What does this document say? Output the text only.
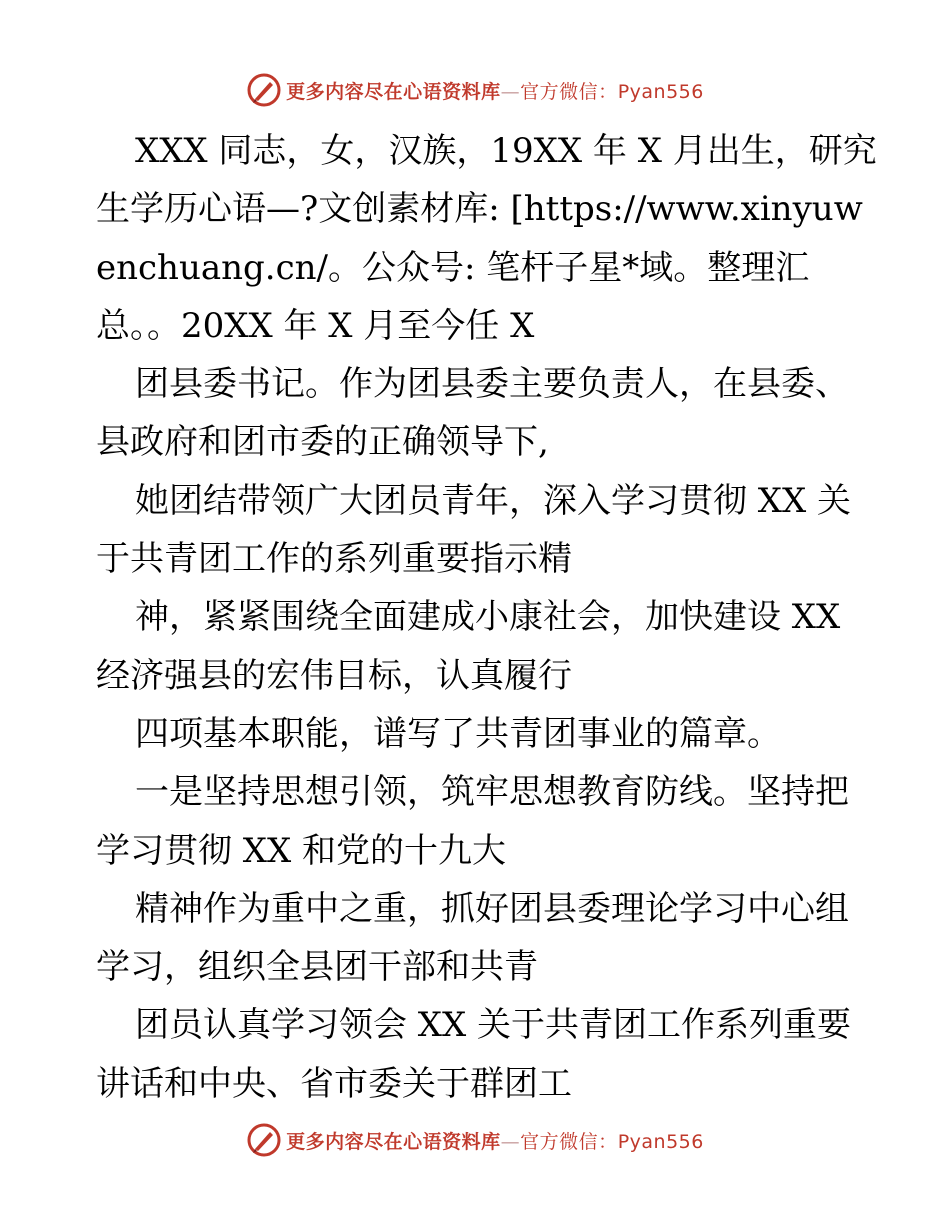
更多内容尽在心语资料库—官方微信：Pyan556
XXX 同志，女，汉族，19XX 年 X 月出生，研究
生学历心语—?文创素材库: [https://www.xinyuw
enchuang.cn/。公众号: 笔杆子星*域。整理汇
总。。20XX 年 X 月至今任 X
团县委书记。作为团县委主要负责人，在县委、
县政府和团市委的正确领导下,
她团结带领广大团员青年，深入学习贯彻 XX 关
于共青团工作的系列重要指示精
神，紧紧围绕全面建成小康社会，加快建设 XX
经济强县的宏伟目标，认真履行
四项基本职能，谱写了共青团事业的篇章。
一是坚持思想引领，筑牢思想教育防线。坚持把
学习贯彻 XX 和党的十九大
精神作为重中之重，抓好团县委理论学习中心组
学习，组织全县团干部和共青
团员认真学习领会 XX 关于共青团工作系列重要
讲话和中央、省市委关于群团工
更多内容尽在心语资料库—官方微信：Pyan556
